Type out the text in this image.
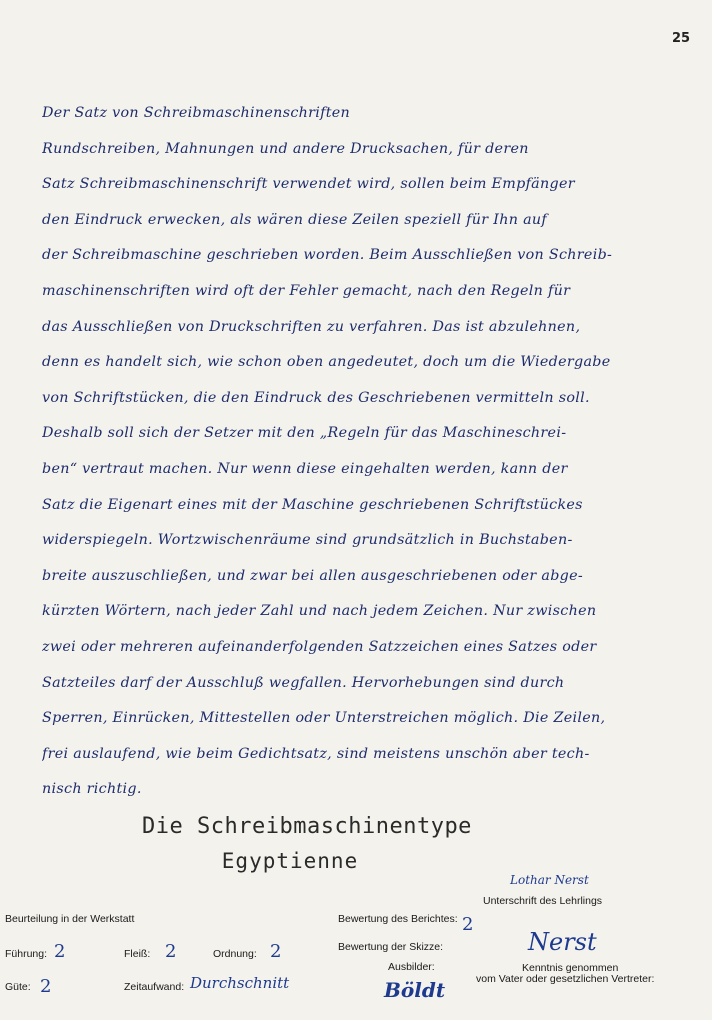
25
Der Satz von Schreibmaschinenschriften
Rundschreiben, Mahnungen und andere Drucksachen, für deren
Satz Schreibmaschinenschrift verwendet wird, sollen beim Empfänger
den Eindruck erwecken, als wären diese Zeilen speziell für Ihn auf
der Schreibmaschine geschrieben worden. Beim Ausschließen von Schreib-
maschinenschriften wird oft der Fehler gemacht, nach den Regeln für
das Ausschließen von Druckschriften zu verfahren. Das ist abzulehnen,
denn es handelt sich, wie schon oben angedeutet, doch um die Wiedergabe
von Schriftstücken, die den Eindruck des Geschriebenen vermitteln soll.
Deshalb soll sich der Setzer mit den „Regeln für das Maschineschrei-
ben“ vertraut machen. Nur wenn diese eingehalten werden, kann der
Satz die Eigenart eines mit der Maschine geschriebenen Schriftstückes
widerspiegeln. Wortzwischenräume sind grundsätzlich in Buchstaben-
breite auszuschließen, und zwar bei allen ausgeschriebenen oder abge-
kürzten Wörtern, nach jeder Zahl und nach jedem Zeichen. Nur zwischen
zwei oder mehreren aufeinanderfolgenden Satzzeichen eines Satzes oder
Satzteiles darf der Ausschluß wegfallen. Hervorhebungen sind durch
Sperren, Einrücken, Mittestellen oder Unterstreichen möglich. Die Zeilen,
frei auslaufend, wie beim Gedichtsatz, sind meistens unschön aber tech-
nisch richtig.
Die Schreibmaschinentype
Egyptienne
Beurteilung in der Werkstatt
Führung: 2	Fleiß: 2	Ordnung: 2
Güte: 2	Zeitaufwand: Durchschnitt
Bewertung des Berichtes: 2
Bewertung der Skizze:
Ausbilder:
Böldt
Lothar Nerst
Unterschrift des Lehrlings
Nerst
Kenntnis genommen
vom Vater oder gesetzlichen Vertreter:
